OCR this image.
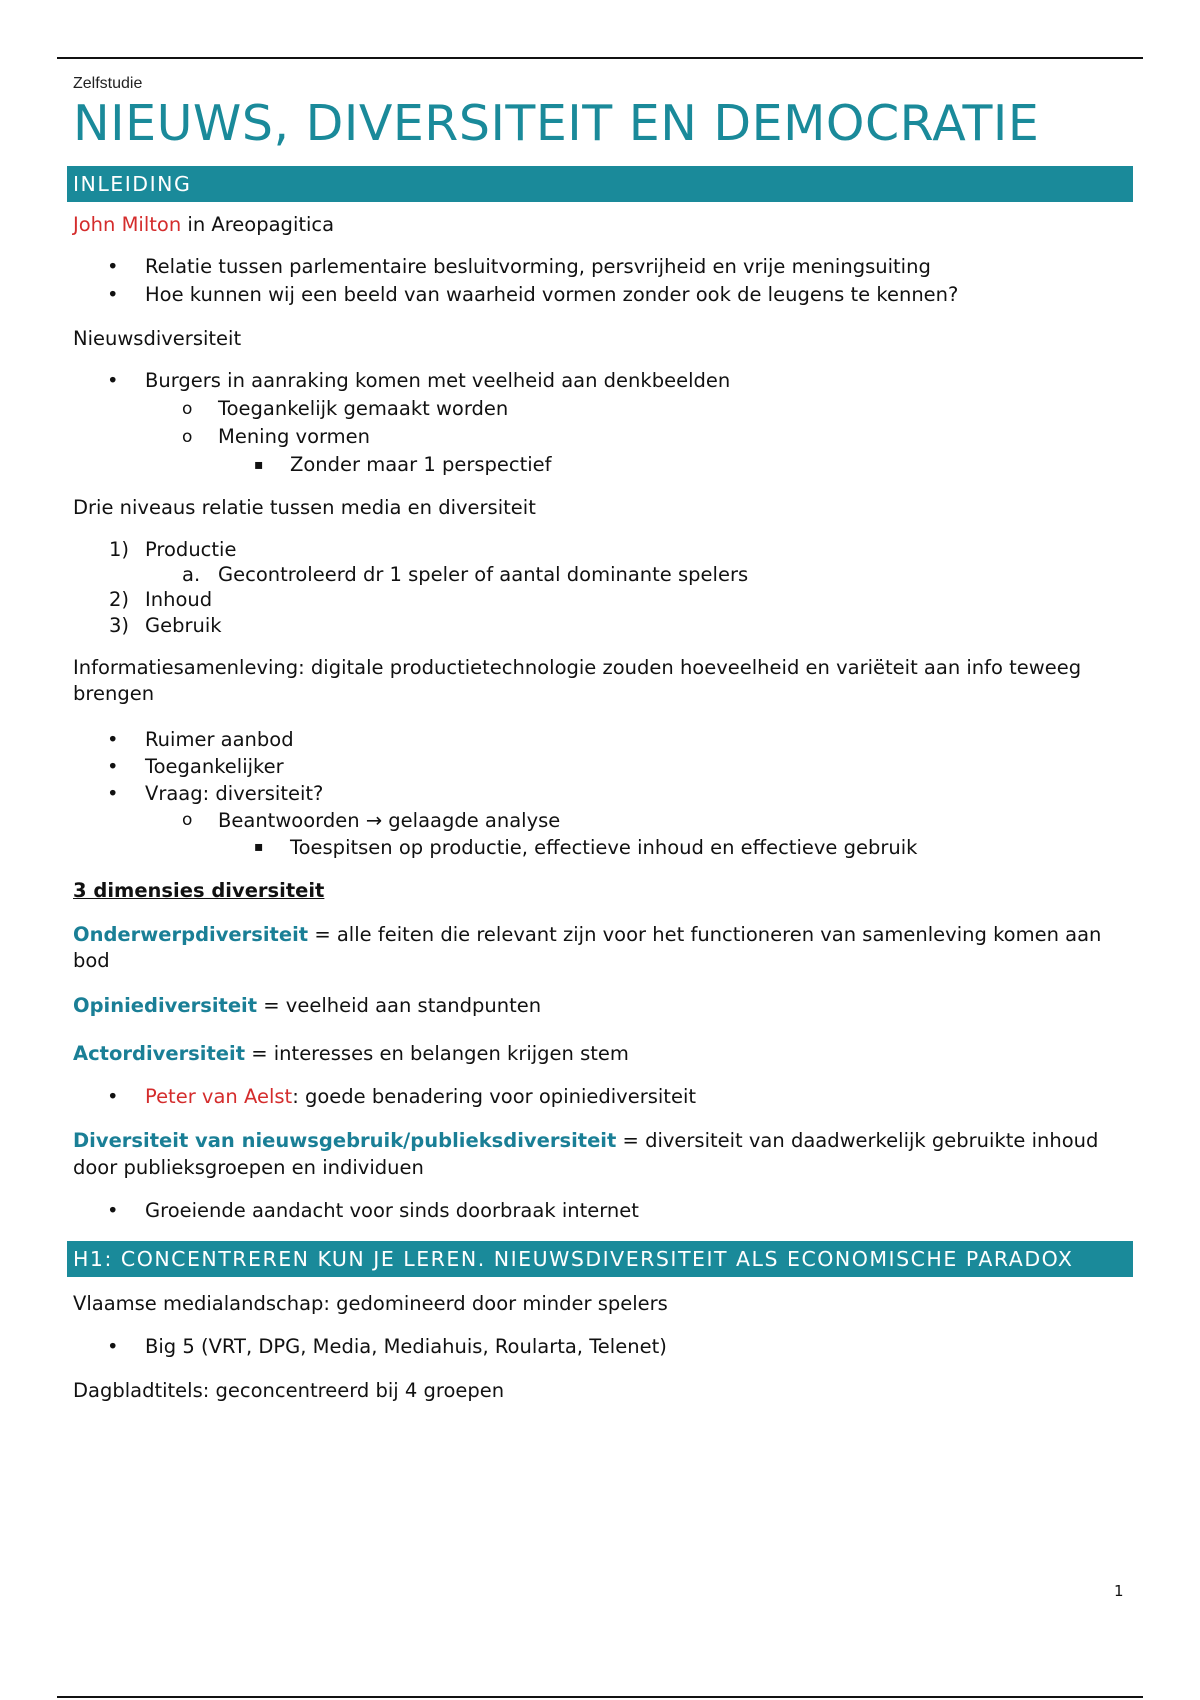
Zelfstudie
NIEUWS, DIVERSITEIT EN DEMOCRATIE
INLEIDING
John Milton in Areopagitica
• Relatie tussen parlementaire besluitvorming, persvrijheid en vrije meningsuiting
• Hoe kunnen wij een beeld van waarheid vormen zonder ook de leugens te kennen?
Nieuwsdiversiteit
• Burgers in aanraking komen met veelheid aan denkbeelden
o Toegankelijk gemaakt worden
o Mening vormen
▪ Zonder maar 1 perspectief
Drie niveaus relatie tussen media en diversiteit
1) Productie
a. Gecontroleerd dr 1 speler of aantal dominante spelers
2) Inhoud
3) Gebruik
Informatiesamenleving: digitale productietechnologie zouden hoeveelheid en variëteit aan info teweeg brengen
• Ruimer aanbod
• Toegankelijker
• Vraag: diversiteit?
o Beantwoorden → gelaagde analyse
▪ Toespitsen op productie, effectieve inhoud en effectieve gebruik
3 dimensies diversiteit
Onderwerpdiversiteit = alle feiten die relevant zijn voor het functioneren van samenleving komen aan bod
Opiniediversiteit = veelheid aan standpunten
Actordiversiteit = interesses en belangen krijgen stem
• Peter van Aelst: goede benadering voor opiniediversiteit
Diversiteit van nieuwsgebruik/publieksdiversiteit = diversiteit van daadwerkelijk gebruikte inhoud door publieksgroepen en individuen
• Groeiende aandacht voor sinds doorbraak internet
H1: CONCENTREREN KUN JE LEREN. NIEUWSDIVERSITEIT ALS ECONOMISCHE PARADOX
Vlaamse medialandschap: gedomineerd door minder spelers
• Big 5 (VRT, DPG, Media, Mediahuis, Roularta, Telenet)
Dagbladtitels: geconcentreerd bij 4 groepen
1
